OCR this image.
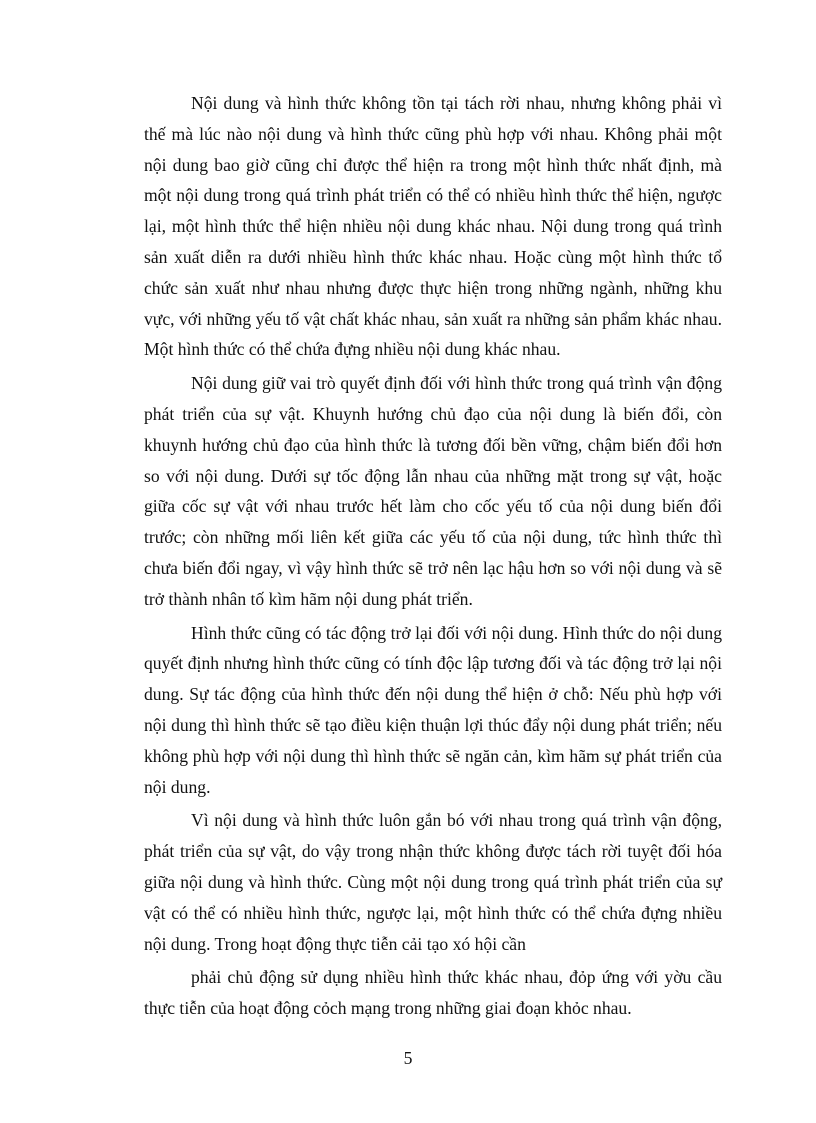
Nội dung và hình thức không tồn tại tách rời nhau, nhưng không phải vì thế mà lúc nào nội dung và hình thức cũng phù hợp với nhau. Không phải một nội dung bao giờ cũng chỉ được thể hiện ra trong một hình thức nhất định, mà một nội dung trong quá trình phát triển có thể có nhiều hình thức thể hiện, ngược lại, một hình thức thể hiện nhiều nội dung khác nhau. Nội dung trong quá trình sản xuất diễn ra dưới nhiều hình thức khác nhau. Hoặc cùng một hình thức tổ chức sản xuất như nhau nhưng được thực hiện trong những ngành, những khu vực, với những yếu tố vật chất khác nhau, sản xuất ra những sản phẩm khác nhau. Một hình thức có thể chứa đựng nhiều nội dung khác nhau.

Nội dung giữ vai trò quyết định đối với hình thức trong quá trình vận động phát triển của sự vật. Khuynh hướng chủ đạo của nội dung là biến đổi, còn khuynh hướng chủ đạo của hình thức là tương đối bền vững, chậm biến đổi hơn so với nội dung. Dưới sự tốc động lẫn nhau của những mặt trong sự vật, hoặc giữa cốc sự vật với nhau trước hết làm cho cốc yếu tố của nội dung biến đổi trước; còn những mối liên kết giữa các yếu tố của nội dung, tức hình thức thì chưa biến đổi ngay, vì vậy hình thức sẽ trở nên lạc hậu hơn so với nội dung và sẽ trở thành nhân tố kìm hãm nội dung phát triển.

Hình thức cũng có tác động trở lại đối với nội dung. Hình thức do nội dung quyết định nhưng hình thức cũng có tính độc lập tương đối và tác động trở lại nội dung. Sự tác động của hình thức đến nội dung thể hiện ở chỗ: Nếu phù hợp với nội dung thì hình thức sẽ tạo điều kiện thuận lợi thúc đẩy nội dung phát triển; nếu không phù hợp với nội dung thì hình thức sẽ ngăn cản, kìm hãm sự phát triển của nội dung.

Vì nội dung và hình thức luôn gắn bó với nhau trong quá trình vận động, phát triển của sự vật, do vậy trong nhận thức không được tách rời tuyệt đối hóa giữa nội dung và hình thức. Cùng một nội dung trong quá trình phát triển của sự vật có thể có nhiều hình thức, ngược lại, một hình thức có thể chứa đựng nhiều nội dung. Trong hoạt động thực tiễn cải tạo xó hội cần

phải chủ động sử dụng nhiều hình thức khác nhau, đỏp ứng với yờu cầu thực tiễn của hoạt động cỏch mạng trong những giai đoạn khỏc nhau.

5
